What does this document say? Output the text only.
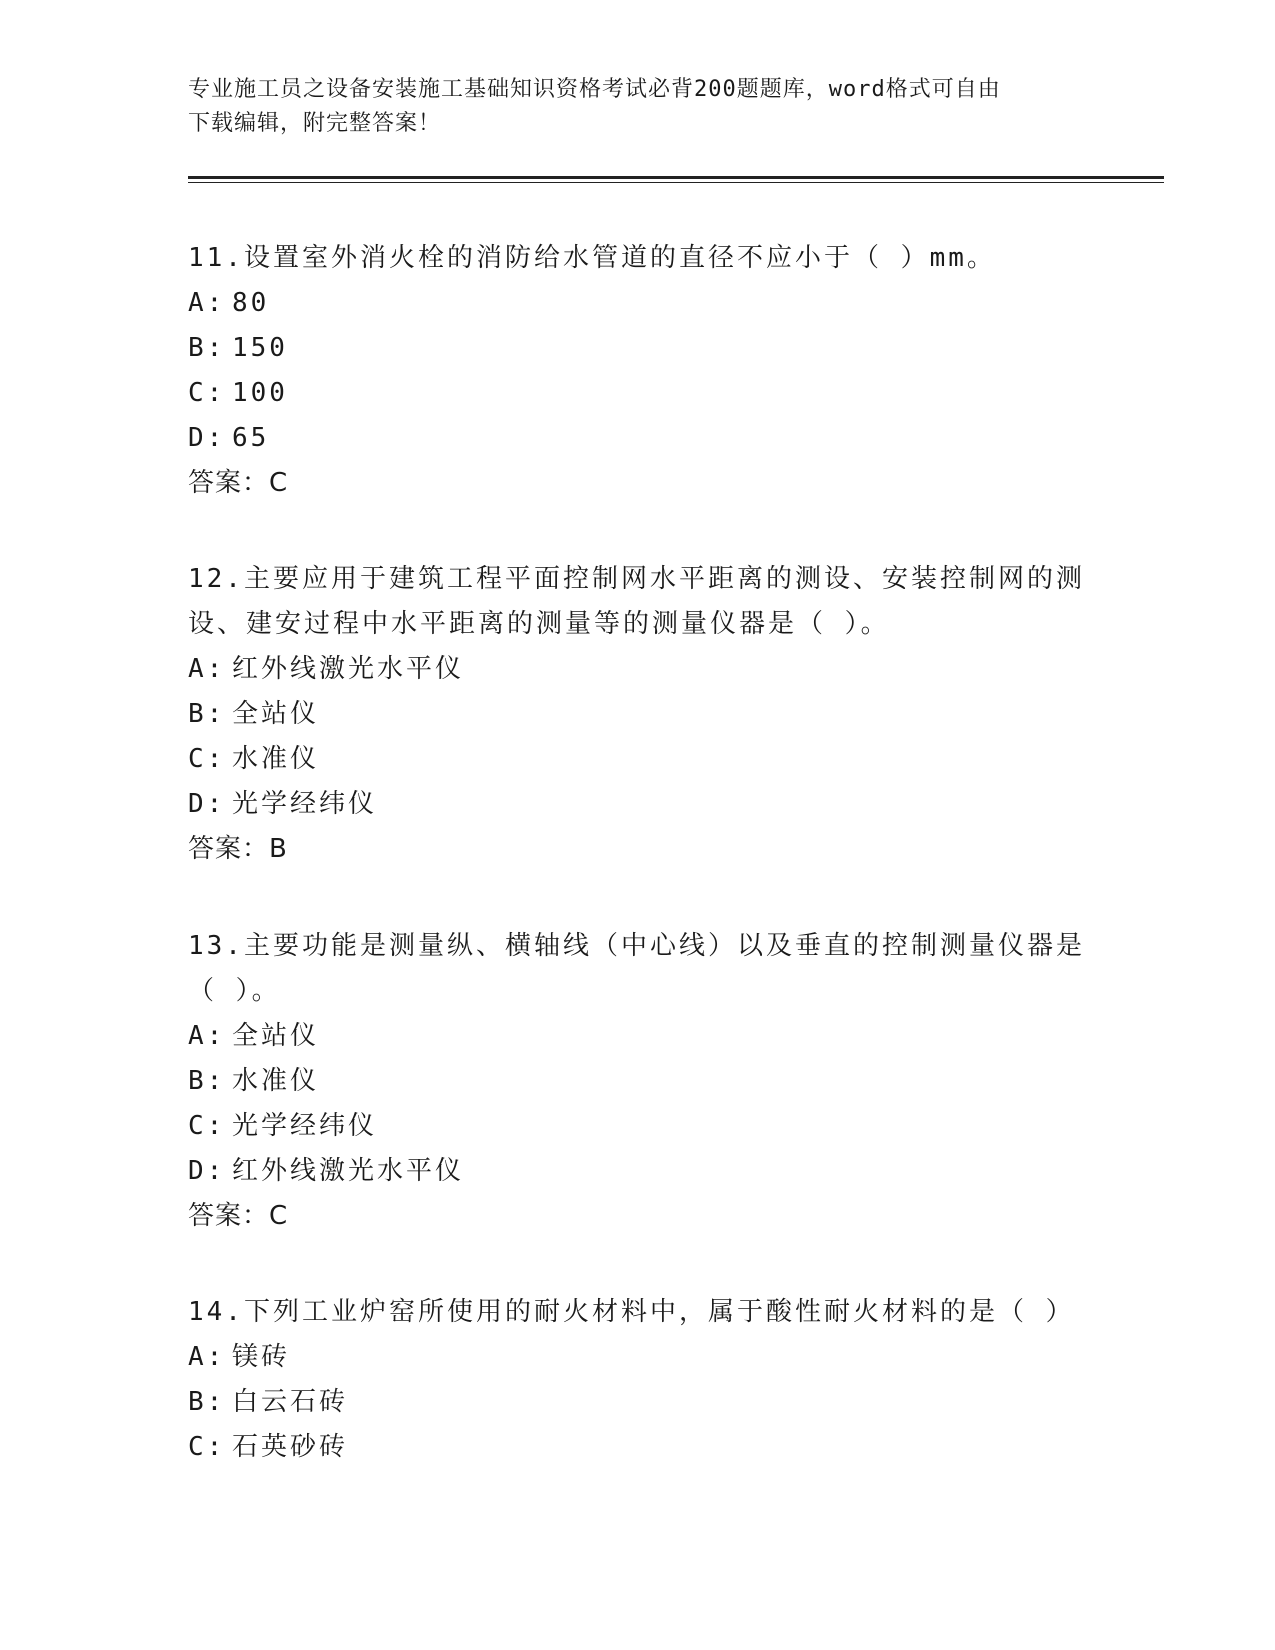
专业施工员之设备安装施工基础知识资格考试必背200题题库，word格式可自由
下载编辑，附完整答案！

11.设置室外消火栓的消防给水管道的直径不应小于（ ）mm。

A: 80

B: 150

C: 100

D: 65

答案：C

12.主要应用于建筑工程平面控制网水平距离的测设、安装控制网的测

设、建安过程中水平距离的测量等的测量仪器是（ ）。

A: 红外线激光水平仪

B: 全站仪

C: 水准仪

D: 光学经纬仪

答案：B

13.主要功能是测量纵、横轴线（中心线）以及垂直的控制测量仪器是

（ ）。

A: 全站仪

B: 水准仪

C: 光学经纬仪

D: 红外线激光水平仪

答案：C

14.下列工业炉窑所使用的耐火材料中，属于酸性耐火材料的是（ ）

A: 镁砖

B: 白云石砖

C: 石英砂砖
